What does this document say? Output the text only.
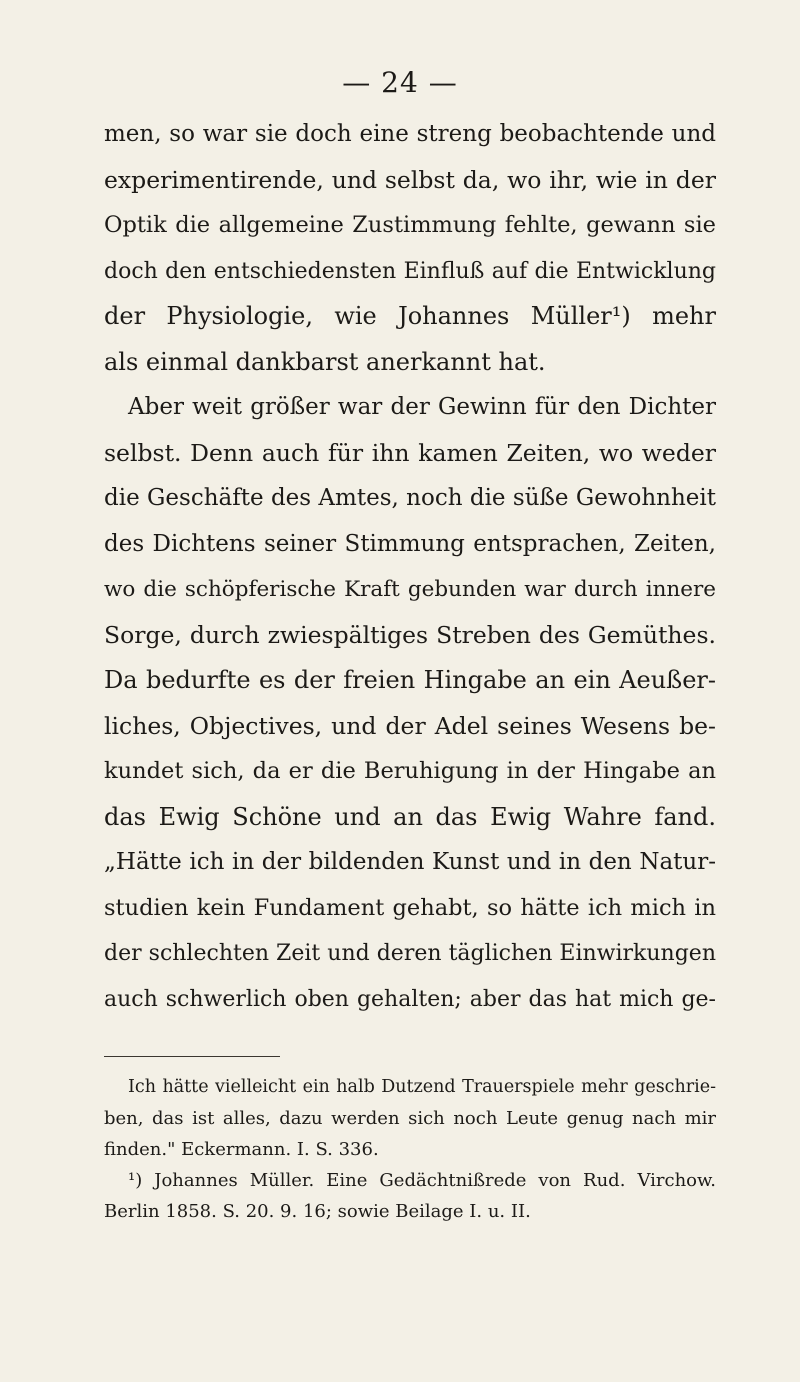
— 24 —
men, so war sie doch eine streng beobachtende und
experimentirende, und selbst da, wo ihr, wie in der
Optik die allgemeine Zustimmung fehlte, gewann sie
doch den entschiedensten Einfluß auf die Entwicklung
der Physiologie, wie Johannes Müller¹) mehr
als einmal dankbarst anerkannt hat.
Aber weit größer war der Gewinn für den Dichter
selbst. Denn auch für ihn kamen Zeiten, wo weder
die Geschäfte des Amtes, noch die süße Gewohnheit
des Dichtens seiner Stimmung entsprachen, Zeiten,
wo die schöpferische Kraft gebunden war durch innere
Sorge, durch zwiespältiges Streben des Gemüthes.
Da bedurfte es der freien Hingabe an ein Aeußer-
liches, Objectives, und der Adel seines Wesens be-
kundet sich, da er die Beruhigung in der Hingabe an
das Ewig Schöne und an das Ewig Wahre fand.
„Hätte ich in der bildenden Kunst und in den Natur-
studien kein Fundament gehabt, so hätte ich mich in
der schlechten Zeit und deren täglichen Einwirkungen
auch schwerlich oben gehalten; aber das hat mich ge-
Ich hätte vielleicht ein halb Dutzend Trauerspiele mehr geschrie-
ben, das ist alles, dazu werden sich noch Leute genug nach mir
finden." Eckermann. I. S. 336.
¹) Johannes Müller. Eine Gedächtnißrede von Rud. Virchow.
Berlin 1858. S. 20. 9. 16; sowie Beilage I. u. II.
